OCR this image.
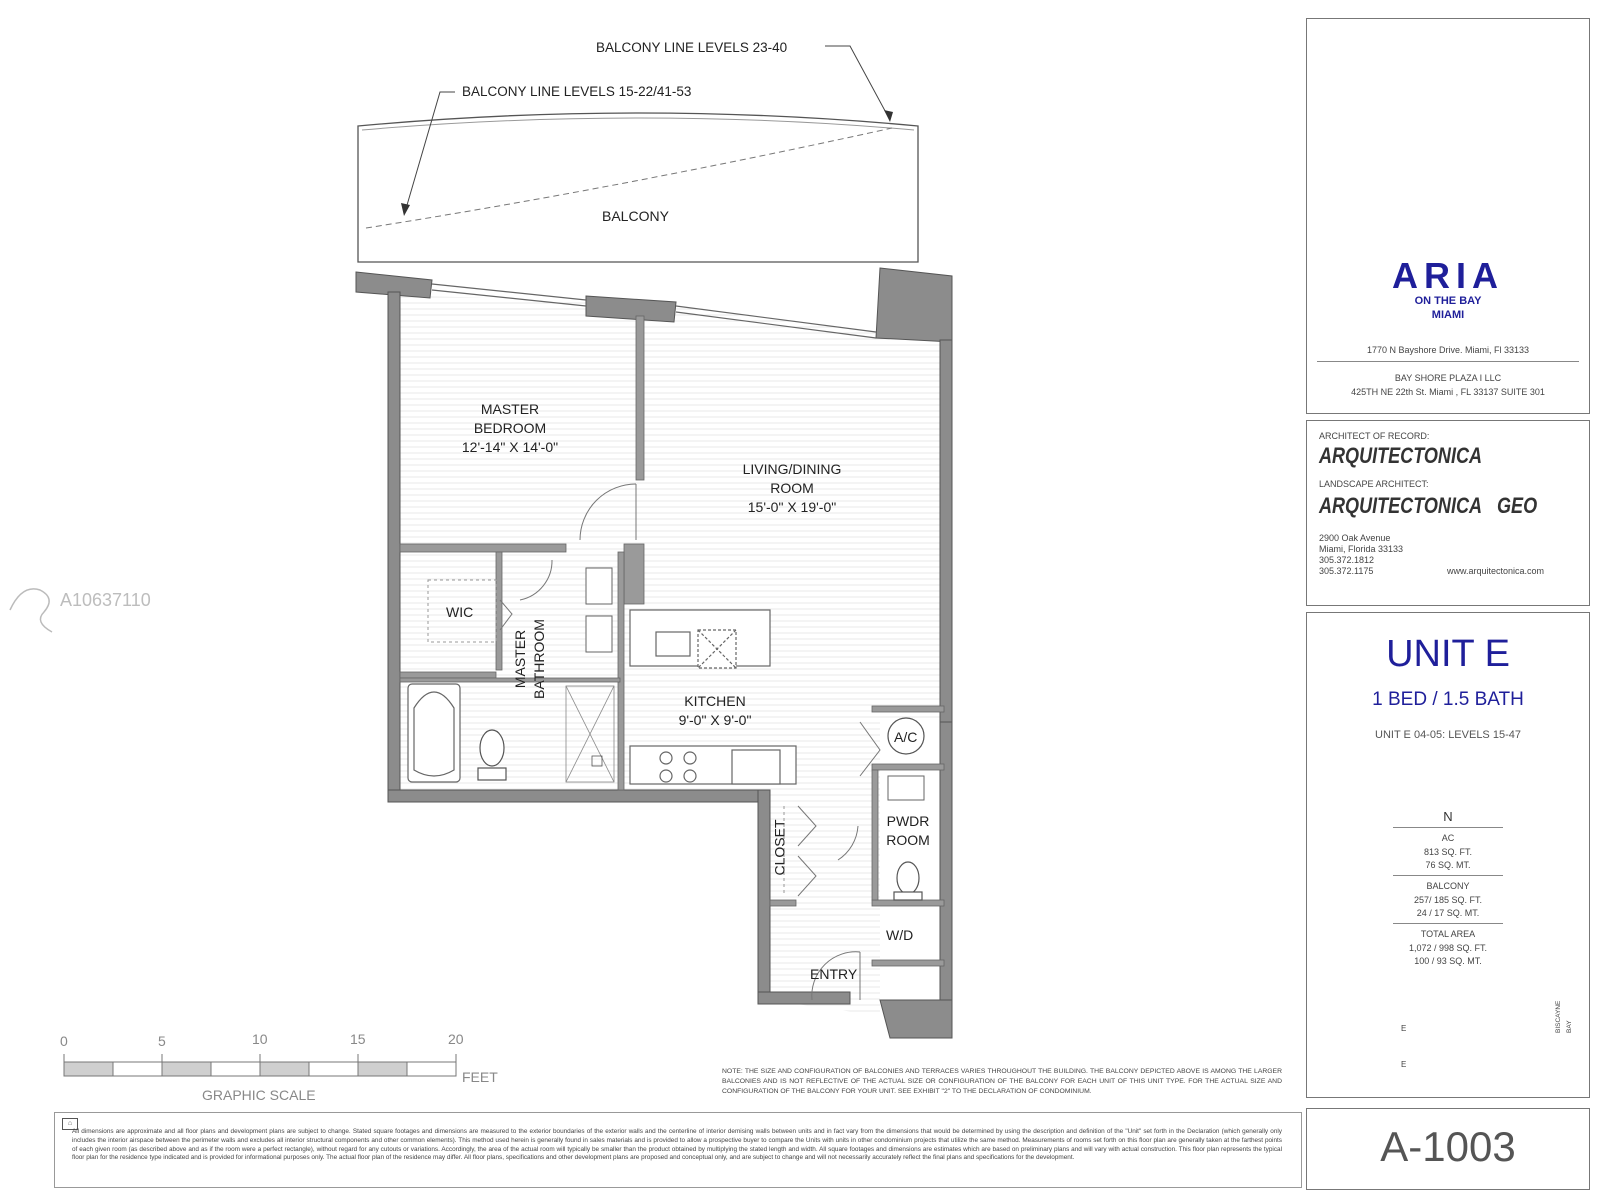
BALCONY LINE LEVELS 23-40
BALCONY LINE LEVELS 15-22/41-53
BALCONY
MASTER
BEDROOM
12'-14" X 14'-0"
LIVING/DINING
ROOM
15'-0" X 19'-0"
WIC
MASTER BATHROOM
KITCHEN
9'-0" X 9'-0"
A/C
PWDR
ROOM
CLOSET
W/D
ENTRY
0	5	10	15	20
FEET
GRAPHIC SCALE
A10637110
ARIA
ON THE BAY
MIAMI
1770 N Bayshore Drive. Miami, Fl 33133
BAY SHORE PLAZA I LLC
425TH NE 22th St. Miami , FL 33137 SUITE 301
ARCHITECT OF RECORD:
ARQUITECTONICA
LANDSCAPE ARCHITECT:
ARQUITECTONICA GEO
2900 Oak Avenue
Miami, Florida 33133
305.372.1812
305.372.1175	www.arquitectonica.com
UNIT E
1 BED / 1.5 BATH
UNIT E 04-05: LEVELS 15-47
N
AC
813 SQ. FT.
76 SQ. MT.
BALCONY
257/ 185 SQ. FT.
24 / 17 SQ. MT.
TOTAL AREA
1,072 / 998 SQ. FT.
100 / 93 SQ. MT.
E
E
BISCAYNE BAY
A-1003
NOTE: THE SIZE AND CONFIGURATION OF BALCONIES AND TERRACES VARIES THROUGHOUT THE BUILDING. THE BALCONY DEPICTED ABOVE IS AMONG THE LARGER BALCONIES AND IS NOT REFLECTIVE OF THE ACTUAL SIZE OR CONFIGURATION OF THE BALCONY FOR EACH UNIT OF THIS UNIT TYPE. FOR THE ACTUAL SIZE AND CONFIGURATION OF THE BALCONY FOR YOUR UNIT. SEE EXHIBIT "2" TO THE DECLARATION OF CONDOMINIUM.
⌂
All dimensions are approximate and all floor plans and development plans are subject to change. Stated square footages and dimensions are measured to the exterior boundaries of the exterior walls and the centerline of interior demising walls between units and in fact vary from the dimensions that would be determined by using the description and definition of the "Unit" set forth in the Declaration (which generally only includes the interior airspace between the perimeter walls and excludes all interior structural components and other common elements). This method used herein is generally found in sales materials and is provided to allow a prospective buyer to compare the Units with units in other condominium projects that utilize the same method. Measurements of rooms set forth on this floor plan are generally taken at the farthest points of each given room (as described above and as if the room were a perfect rectangle), without regard for any cutouts or variations. Accordingly, the area of the actual room will typically be smaller than the product obtained by multiplying the stated length and width. All square footages and dimensions are estimates which are based on preliminary plans and will vary with actual construction. This floor plan represents the typical floor plan for the residence type indicated and is provided for informational purposes only. The actual floor plan of the residence may differ. All floor plans, specifications and other development plans are proposed and conceptual only, and are subject to change and will not necessarily accurately reflect the final plans and specifications for the development.
